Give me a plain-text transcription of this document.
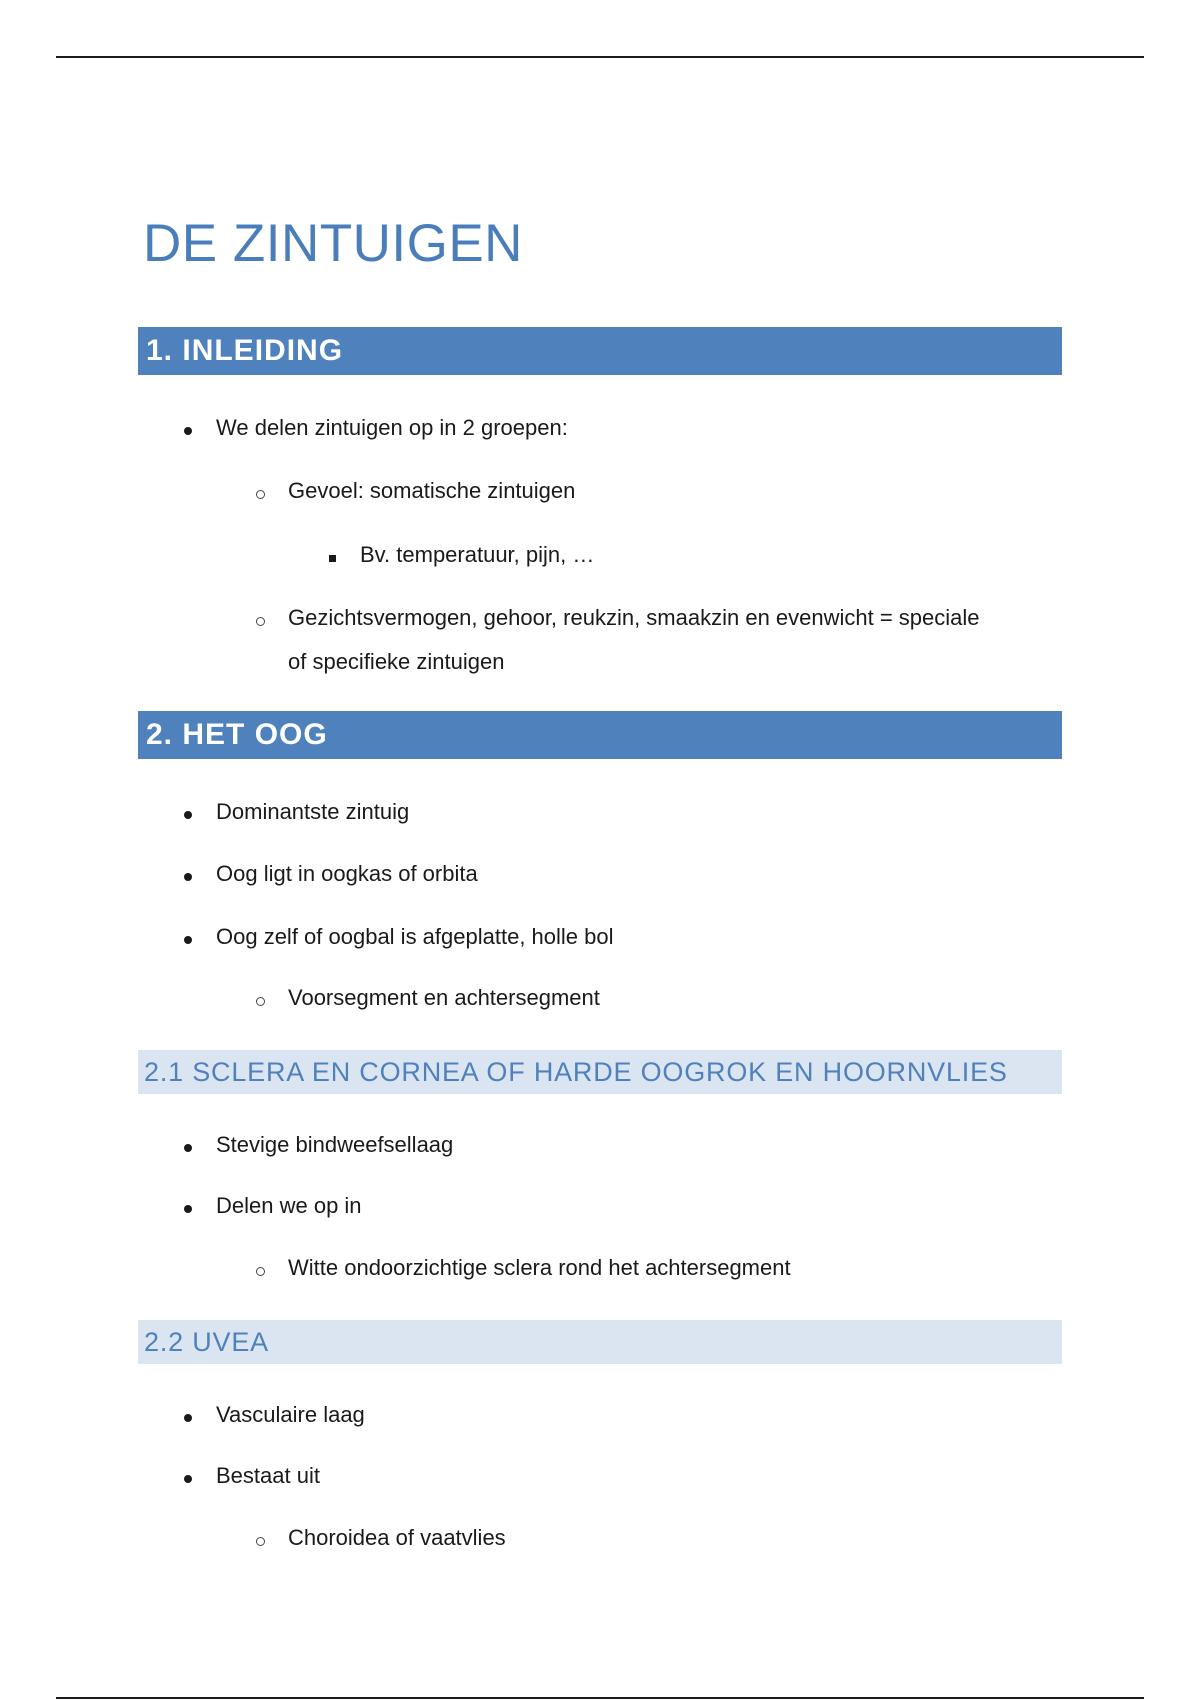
DE ZINTUIGEN
1. INLEIDING

We delen zintuigen op in 2 groepen:

Gevoel: somatische zintuigen

Bv. temperatuur, pijn, …

Gezichtsvermogen, gehoor, reukzin, smaakzin en evenwicht = speciale

of specifieke zintuigen

2. HET OOG

Dominantste zintuig

Oog ligt in oogkas of orbita

Oog zelf of oogbal is afgeplatte, holle bol

Voorsegment en achtersegment

2.1 SCLERA EN CORNEA OF HARDE OOGROK EN HOORNVLIES

Stevige bindweefsellaag

Delen we op in

Witte ondoorzichtige sclera rond het achtersegment

2.2 UVEA

Vasculaire laag

Bestaat uit

Choroidea of vaatvlies
